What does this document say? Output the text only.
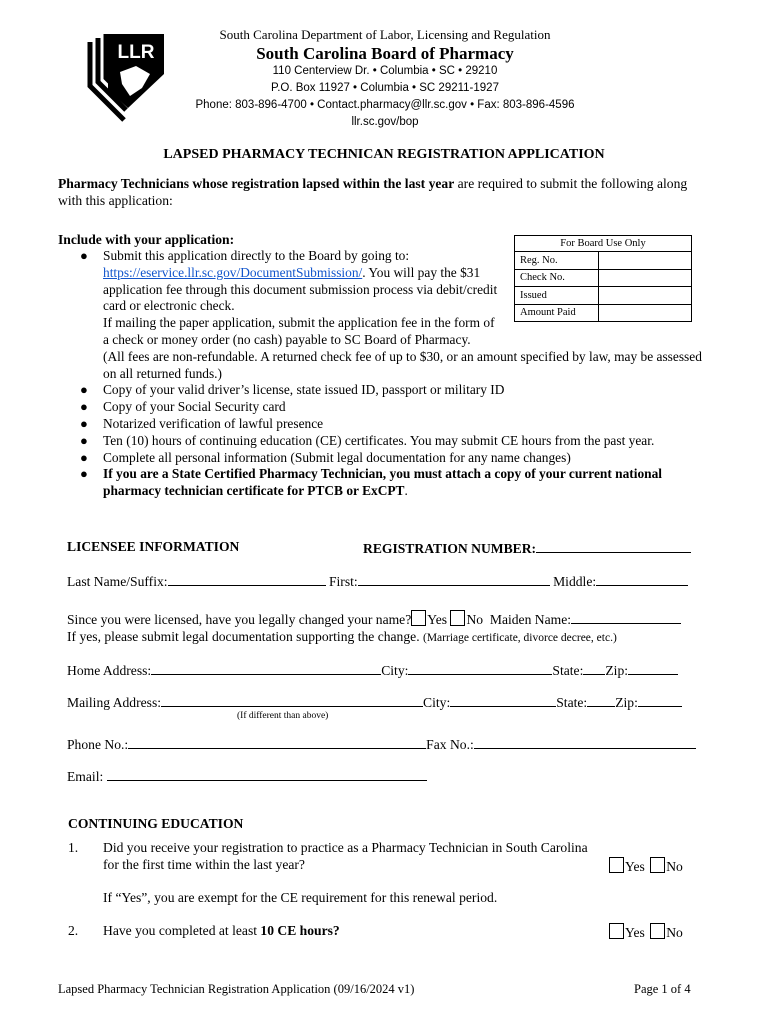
LLR
South Carolina Department of Labor, Licensing and Regulation
South Carolina Board of Pharmacy
110 Centerview Dr. • Columbia • SC • 29210
P.O. Box 11927 • Columbia • SC 29211-1927
Phone: 803-896-4700 • Contact.pharmacy@llr.sc.gov • Fax: 803-896-4596
llr.sc.gov/bop
LAPSED PHARMACY TECHNICAN REGISTRATION APPLICATION
Pharmacy Technicians whose registration lapsed within the last year are required to submit the following along with this application:
Include with your application:
● Submit this application directly to the Board by going to:
https://eservice.llr.sc.gov/DocumentSubmission/. You will pay the $31 application fee through this document submission process via debit/credit card or electronic check.
If mailing the paper application, submit the application fee in the form of a check or money order (no cash) payable to SC Board of Pharmacy.
(All fees are non-refundable. A returned check fee of up to $30, or an amount specified by law, may be assessed on all returned funds.)
● Copy of your valid driver’s license, state issued ID, passport or military ID
● Copy of your Social Security card
● Notarized verification of lawful presence
● Ten (10) hours of continuing education (CE) certificates. You may submit CE hours from the past year.
● Complete all personal information (Submit legal documentation for any name changes)
● If you are a State Certified Pharmacy Technician, you must attach a copy of your current national pharmacy technician certificate for PTCB or ExCPT.
For Board Use Only	
Reg. No.	
Check No.	
Issued	
Amount Paid	
LICENSEE INFORMATION	REGISTRATION NUMBER:
Last Name/Suffix:	First:	Middle:
Since you were licensed, have you legally changed your name? Yes No Maiden Name:
If yes, please submit legal documentation supporting the change. (Marriage certificate, divorce decree, etc.)
Home Address:	City:	State: Zip:
Mailing Address:	City:	State: Zip:
(If different than above)
Phone No.:	Fax No.:
Email:
CONTINUING EDUCATION
1. Did you receive your registration to practice as a Pharmacy Technician in South Carolina
for the first time within the last year?	Yes No
If “Yes”, you are exempt for the CE requirement for this renewal period.
2. Have you completed at least 10 CE hours?	Yes No
Lapsed Pharmacy Technician Registration Application (09/16/2024 v1)	Page 1 of 4
